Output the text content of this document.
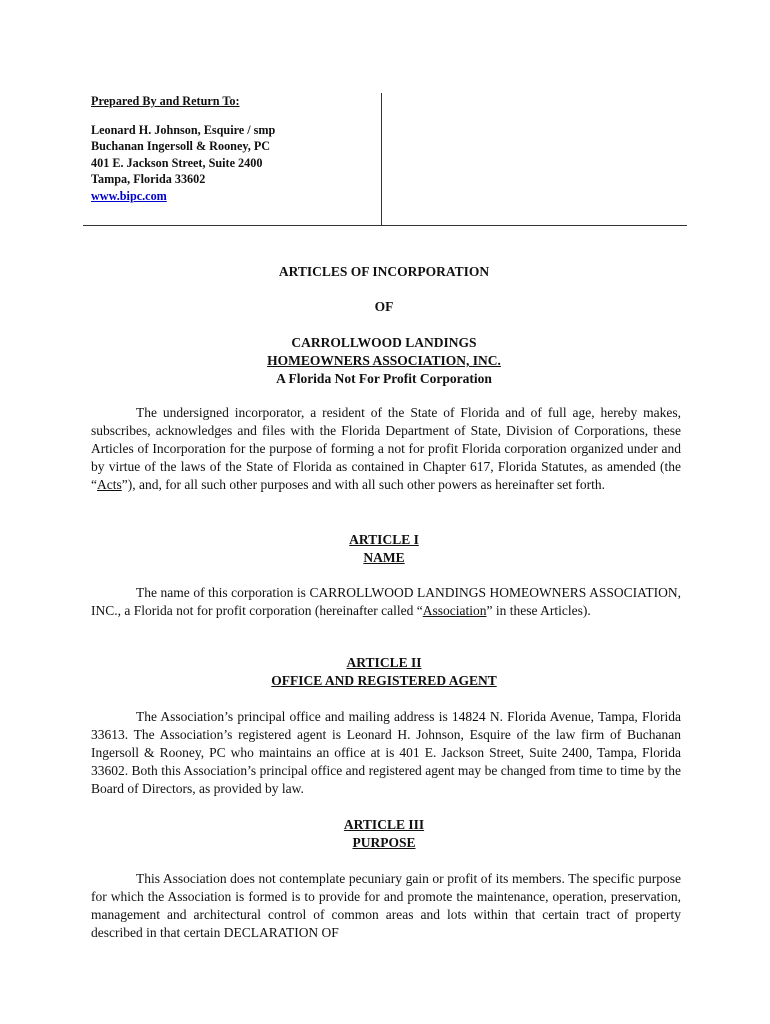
Prepared By and Return To:
Leonard H. Johnson, Esquire / smp
Buchanan Ingersoll & Rooney, PC
401 E. Jackson Street, Suite 2400
Tampa, Florida 33602
www.bipc.com
ARTICLES OF INCORPORATION
OF
CARROLLWOOD LANDINGS
HOMEOWNERS ASSOCIATION, INC.
A Florida Not For Profit Corporation

The undersigned incorporator, a resident of the State of Florida and of full age, hereby makes, subscribes, acknowledges and files with the Florida Department of State, Division of Corporations, these Articles of Incorporation for the purpose of forming a not for profit Florida corporation organized under and by virtue of the laws of the State of Florida as contained in Chapter 617, Florida Statutes, as amended (the “Acts”), and, for all such other purposes and with all such other powers as hereinafter set forth.

ARTICLE I
NAME

The name of this corporation is CARROLLWOOD LANDINGS HOMEOWNERS ASSOCIATION, INC., a Florida not for profit corporation (hereinafter called “Association” in these Articles).

ARTICLE II
OFFICE AND REGISTERED AGENT

The Association’s principal office and mailing address is 14824 N. Florida Avenue, Tampa, Florida 33613. The Association’s registered agent is Leonard H. Johnson, Esquire of the law firm of Buchanan Ingersoll & Rooney, PC who maintains an office at is 401 E. Jackson Street, Suite 2400, Tampa, Florida 33602. Both this Association’s principal office and registered agent may be changed from time to time by the Board of Directors, as provided by law.

ARTICLE III
PURPOSE

This Association does not contemplate pecuniary gain or profit of its members. The specific purpose for which the Association is formed is to provide for and promote the maintenance, operation, preservation, management and architectural control of common areas and lots within that certain tract of property described in that certain DECLARATION OF
